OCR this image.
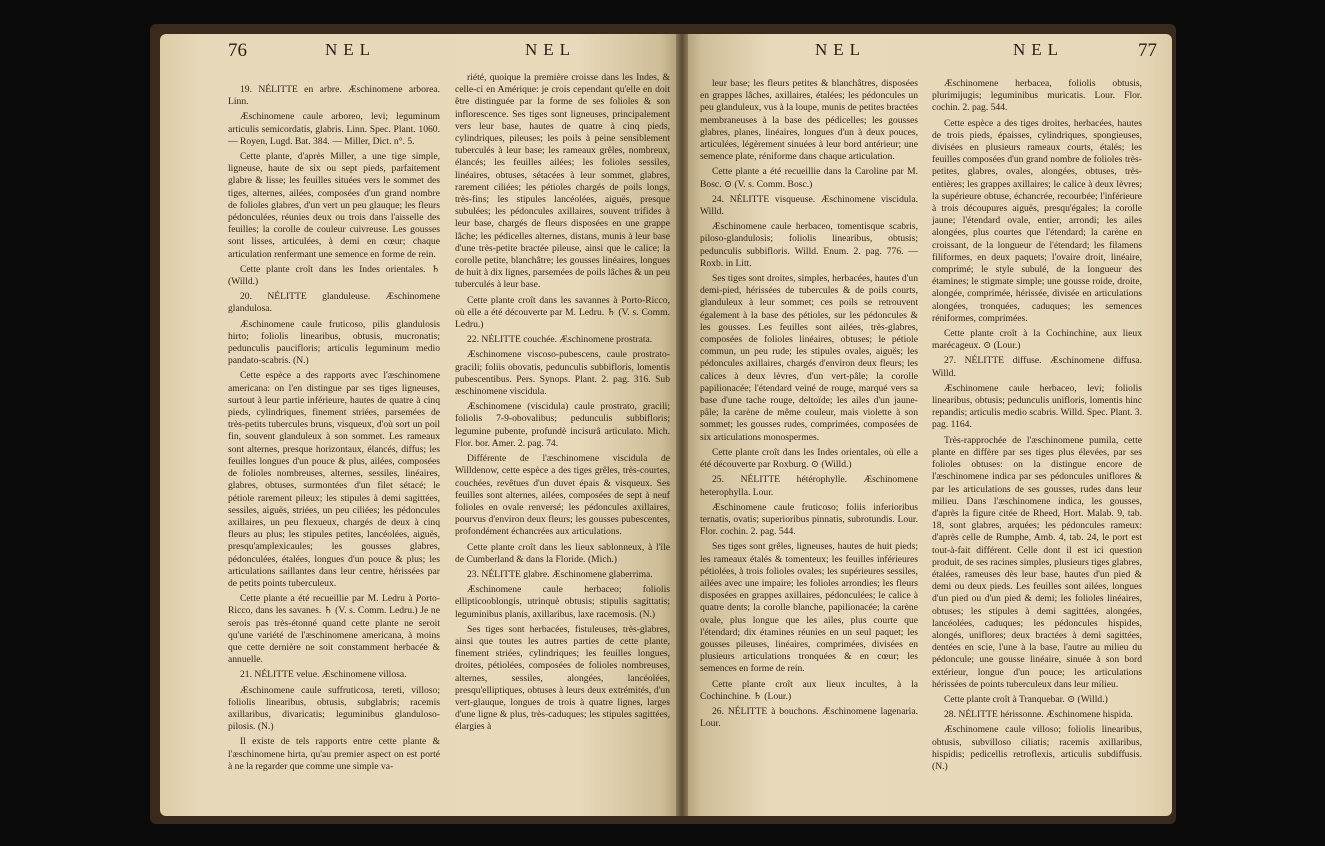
76	NEL	NEL	NEL	NEL	77

19. NÉLITTE en arbre. Æschinomene arborea. Linn.

Æschinomene caule arboreo, levi; leguminum articulis semicordatis, glabris. Linn. Spec. Plant. 1060. — Royen, Lugd. Bat. 384. — Miller, Dict. n°. 5.

Cette plante, d'après Miller, a une tige simple, ligneuse, haute de six ou sept pieds, parfaitement glabre & lisse; les feuilles situées vers le sommet des tiges, alternes, ailées, composées d'un grand nombre de folioles glabres, d'un vert un peu glauque; les fleurs pédonculées, réunies deux ou trois dans l'aisselle des feuilles; la corolle de couleur cuivreuse. Les gousses sont lisses, articulées, à demi en cœur; chaque articulation renfermant une semence en forme de rein.

Cette plante croît dans les Indes orientales. ♄ (Willd.)

20. NÉLITTE glanduleuse. Æschinomene glandulosa.

Æschinomene caule fruticoso, pilis glandulosis hirto; foliolis linearibus, obtusis, mucronatis; pedunculis paucifloris; articulis leguminum medio pandato-scabris. (N.)

Cette espèce a des rapports avec l'æschinomene americana: on l'en distingue par ses tiges ligneuses, surtout à leur partie inférieure, hautes de quatre à cinq pieds, cylindriques, finement striées, parsemées de très-petits tubercules bruns, visqueux, d'où sort un poil fin, souvent glanduleux à son sommet. Les rameaux sont alternes, presque horizontaux, élancés, diffus; les feuilles longues d'un pouce & plus, ailées, composées de folioles nombreuses, alternes, sessiles, linéaires, glabres, obtuses, surmontées d'un filet sétacé; le pétiole rarement pileux; les stipules à demi sagittées, sessiles, aiguës, striées, un peu ciliées; les pédoncules axillaires, un peu flexueux, chargés de deux à cinq fleurs au plus; les stipules petites, lancéolées, aiguës, presqu'amplexicaules; les gousses glabres, pédonculées, étalées, longues d'un pouce & plus; les articulations saillantes dans leur centre, hérissées par de petits points tuberculeux.

Cette plante a été recueillie par M. Ledru à Porto-Ricco, dans les savanes. ♄ (V. s. Comm. Ledru.) Je ne serois pas très-étonné quand cette plante ne seroit qu'une variété de l'æschinomene americana, à moins que cette dernière ne soit constamment herbacée & annuelle.

21. NÉLITTE velue. Æschinomene villosa.

Æschinomene caule suffruticosa, tereti, villoso; foliolis linearibus, obtusis, subglabris; racemis axillaribus, divaricatis; leguminibus glanduloso-pilosis. (N.)

Il existe de tels rapports entre cette plante & l'æschinomene hirta, qu'au premier aspect on est porté à ne la regarder que comme une simple va-

riété, quoique la première croisse dans les Indes, & celle-ci en Amérique: je crois cependant qu'elle en doit être distinguée par la forme de ses folioles & son inflorescence. Ses tiges sont ligneuses, principalement vers leur base, hautes de quatre à cinq pieds, cylindriques, pileuses; les poils à peine sensiblement tuberculés à leur base; les rameaux grêles, nombreux, élancés; les feuilles ailées; les folioles sessiles, linéaires, obtuses, sétacées à leur sommet, glabres, rarement ciliées; les pétioles chargés de poils longs, très-fins; les stipules lancéolées, aiguës, presque subulées; les pédoncules axillaires, souvent trifides à leur base, chargés de fleurs disposées en une grappe lâche; les pédicelles alternes, distans, munis à leur base d'une très-petite bractée pileuse, ainsi que le calice; la corolle petite, blanchâtre; les gousses linéaires, longues de huit à dix lignes, parsemées de poils lâches & un peu tuberculés à leur base.

Cette plante croît dans les savannes à Porto-Ricco, où elle a été découverte par M. Ledru. ♄ (V. s. Comm. Ledru.)

22. NÉLITTE couchée. Æschinomene prostrata.

Æschinomene viscoso-pubescens, caule prostrato-gracili; foliis obovatis, pedunculis subbifloris, lomentis pubescentibus. Pers. Synops. Plant. 2. pag. 316. Sub æschinomene viscidula.

Æschinomene (viscidula) caule prostrato, gracili; foliolis 7-9-obovalibus; pedunculis subbifloris; legumine pubente, profundè incisurâ articulato. Mich. Flor. bor. Amer. 2. pag. 74.

Différente de l'æschinomene viscidula de Willdenow, cette espèce a des tiges grêles, très-courtes, couchées, revêtues d'un duvet épais & visqueux. Ses feuilles sont alternes, ailées, composées de sept à neuf folioles en ovale renversé; les pédoncules axillaires, pourvus d'environ deux fleurs; les gousses pubescentes, profondément échancrées aux articulations.

Cette plante croît dans les lieux sablonneux, à l'île de Cumberland & dans la Floride. (Mich.)

23. NÉLITTE glabre. Æschinomene glaberrima.

Æschinomene caule herbaceo; foliolis ellipticooblongis, utrinquè obtusis; stipulis sagittatis; leguminibus planis, axillaribus, laxe racemosis. (N.)

Ses tiges sont herbacées, fistuleuses, très-glabres, ainsi que toutes les autres parties de cette plante, finement striées, cylindriques; les feuilles longues, droites, pétiolées, composées de folioles nombreuses, alternes, sessiles, alongées, lancéolées, presqu'elliptiques, obtuses à leurs deux extrémités, d'un vert-glauque, longues de trois à quatre lignes, larges d'une ligne & plus, très-caduques; les stipules sagittées, élargies à

leur base; les fleurs petites & blanchâtres, disposées en grappes lâches, axillaires, étalées; les pédoncules un peu glanduleux, vus à la loupe, munis de petites bractées membraneuses à la base des pédicelles; les gousses glabres, planes, linéaires, longues d'un à deux pouces, articulées, légèrement sinuées à leur bord antérieur; une semence plate, réniforme dans chaque articulation.

Cette plante a été recueillie dans la Caroline par M. Bosc. ⊙ (V. s. Comm. Bosc.)

24. NÉLITTE visqueuse. Æschinomene viscidula. Willd.

Æschinomene caule herbaceo, tomentisque scabris, piloso-glandulosis; foliolis linearibus, obtusis; pedunculis subbifloris. Willd. Enum. 2. pag. 776. — Roxb. in Litt.

Ses tiges sont droites, simples, herbacées, hautes d'un demi-pied, hérissées de tubercules & de poils courts, glanduleux à leur sommet; ces poils se retrouvent également à la base des pétioles, sur les pédoncules & les gousses. Les feuilles sont ailées, très-glabres, composées de folioles linéaires, obtuses; le pétiole commun, un peu rude; les stipules ovales, aiguës; les pédoncules axillaires, chargés d'environ deux fleurs; les calices à deux lèvres, d'un vert-pâle; la corolle papilionacée; l'étendard veiné de rouge, marqué vers sa base d'une tache rouge, deltoïde; les ailes d'un jaune-pâle; la carène de même couleur, mais violette à son sommet; les gousses rudes, comprimées, composées de six articulations monospermes.

Cette plante croît dans les Indes orientales, où elle a été découverte par Roxburg. ⊙ (Willd.)

25. NÉLITTE hétérophylle. Æschinomene heterophylla. Lour.

Æschinomene caule fruticoso; foliis inferioribus ternatis, ovatis; superioribus pinnatis, subrotundis. Lour. Flor. cochin. 2. pag. 544.

Ses tiges sont grêles, ligneuses, hautes de huit pieds; les rameaux étalés & tomenteux; les feuilles inférieures pétiolées, à trois folioles ovales; les supérieures sessiles, ailées avec une impaire; les folioles arrondies; les fleurs disposées en grappes axillaires, pédonculées; le calice à quatre dents; la corolle blanche, papilionacée; la carène ovale, plus longue que les ailes, plus courte que l'étendard; dix étamines réunies en un seul paquet; les gousses pileuses, linéaires, comprimées, divisées en plusieurs articulations tronquées & en cœur; les semences en forme de rein.

Cette plante croît aux lieux incultes, à la Cochinchine. ♄ (Lour.)

26. NÉLITTE à bouchons. Æschinomene lagenaria. Lour.

Æschinomene herbacea, foliolis obtusis, plurimijugis; leguminibus muricatis. Lour. Flor. cochin. 2. pag. 544.

Cette espèce a des tiges droites, herbacées, hautes de trois pieds, épaisses, cylindriques, spongieuses, divisées en plusieurs rameaux courts, étalés; les feuilles composées d'un grand nombre de folioles très-petites, glabres, ovales, alongées, obtuses, très-entières; les grappes axillaires; le calice à deux lèvres; la supérieure obtuse, échancrée, recourbée; l'inférieure à trois découpures aiguës, presqu'égales; la corolle jaune; l'étendard ovale, entier, arrondi; les ailes alongées, plus courtes que l'étendard; la carène en croissant, de la longueur de l'étendard; les filamens filiformes, en deux paquets; l'ovaire droit, linéaire, comprimé; le style subulé, de la longueur des étamines; le stigmate simple; une gousse roide, droite, alongée, comprimée, hérissée, divisée en articulations alongées, tronquées, caduques; les semences réniformes, comprimées.

Cette plante croît à la Cochinchine, aux lieux marécageux. ⊙ (Lour.)

27. NÉLITTE diffuse. Æschinomene diffusa. Willd.

Æschinomene caule herbaceo, levi; foliolis linearibus, obtusis; pedunculis unifloris, lomentis hinc repandis; articulis medio scabris. Willd. Spec. Plant. 3. pag. 1164.

Très-rapprochée de l'æschinomene pumila, cette plante en diffère par ses tiges plus élevées, par ses folioles obtuses: on la distingue encore de l'æschinomene indica par ses pédoncules uniflores & par les articulations de ses gousses, rudes dans leur milieu. Dans l'æschinomene indica, les gousses, d'après la figure citée de Rheed, Hort. Malab. 9, tab. 18, sont glabres, arquées; les pédoncules rameux: d'après celle de Rumphe, Amb. 4, tab. 24, le port est tout-à-fait différent. Celle dont il est ici question produit, de ses racines simples, plusieurs tiges glabres, étalées, rameuses dès leur base, hautes d'un pied & demi ou deux pieds. Les feuilles sont ailées, longues d'un pied ou d'un pied & demi; les folioles linéaires, obtuses; les stipules à demi sagittées, alongées, lancéolées, caduques; les pédoncules hispides, alongés, uniflores; deux bractées à demi sagittées, dentées en scie, l'une à la base, l'autre au milieu du pédoncule; une gousse linéaire, sinuée à son bord extérieur, longue d'un pouce; les articulations hérissées de points tuberculeux dans leur milieu.

Cette plante croît à Tranquebar. ⊙ (Willd.)

28. NÉLITTE hérissonne. Æschinomene hispida.

Æschinomene caule villoso; foliolis linearibus, obtusis, subvilloso ciliatis; racemis axillaribus, hispidis; pedicellis retroflexis, articulis subdiffusis. (N.)
